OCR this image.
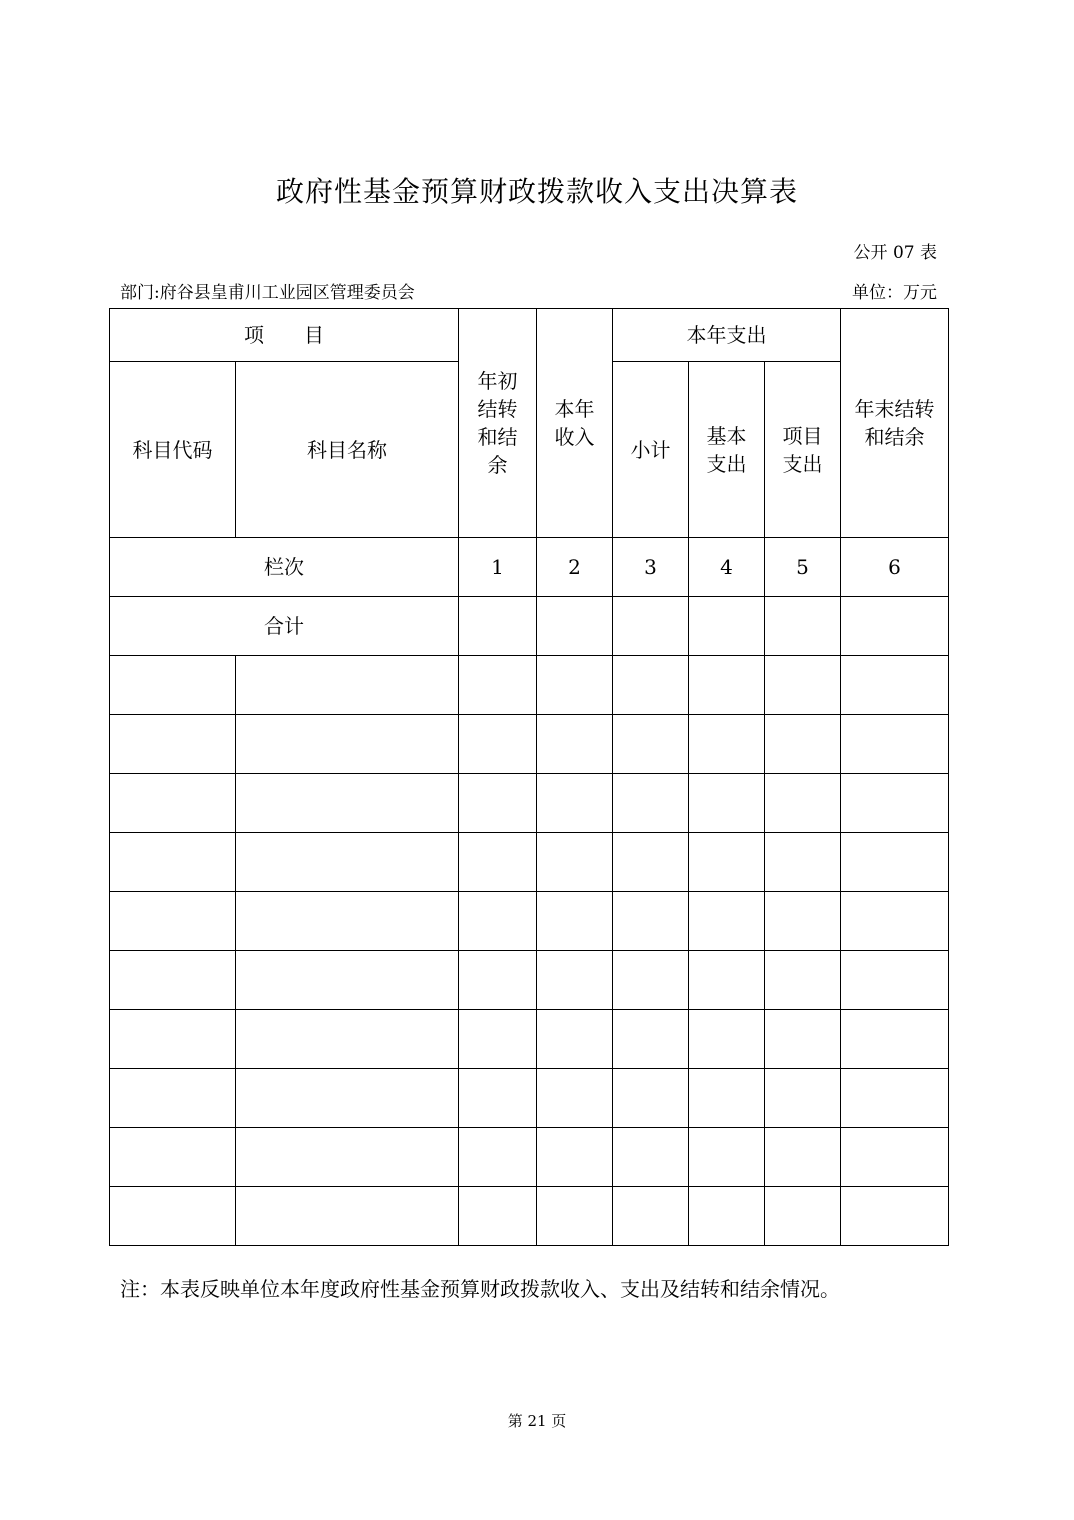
政府性基金预算财政拨款收入支出决算表
公开 07 表
部门:府谷县皇甫川工业园区管理委员会	单位：万元
项　　目		年初结转和结余	本年收入	本年支出			年末结转和结余

科目代码	科目名称			小计	基本支出	项目支出	

栏次		1	2	3	4	5	6
合计							

注：本表反映单位本年度政府性基金预算财政拨款收入、支出及结转和结余情况。
第 21 页
